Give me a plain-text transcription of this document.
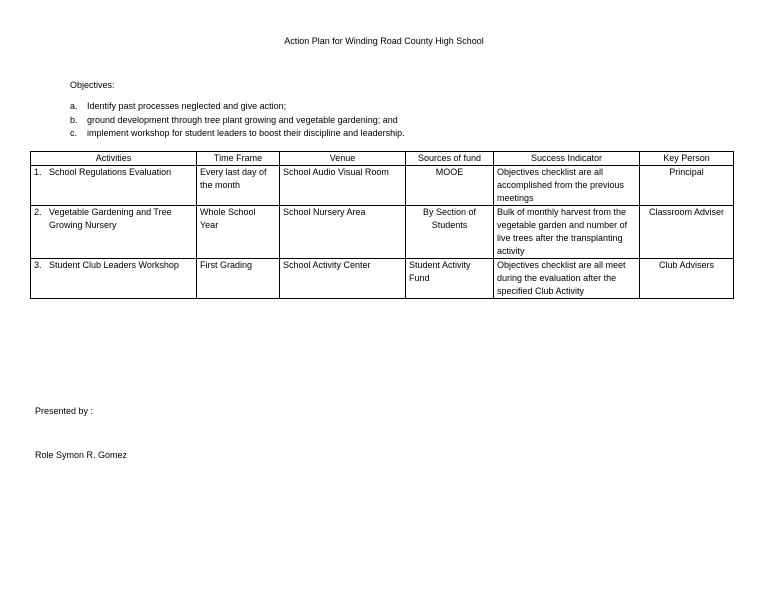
Action Plan for Winding Road County High School
Objectives:
a.	Identify past processes neglected and give action;
b.	ground development through tree plant growing and vegetable gardening; and
c.	implement workshop for student leaders to boost their discipline and leadership.
Activities	Time Frame	Venue	Sources of fund	Success Indicator	Key Person

1. School Regulations Evaluation	Every last day of the month	School Audio Visual Room	MOOE	Objectives checklist are all accomplished from the previous meetings	Principal

2. Vegetable Gardening and Tree Growing Nursery	Whole School Year	School Nursery Area	By Section of Students	Bulk of monthly harvest from the vegetable garden and number of live trees after the transplanting activity	Classroom Adviser

3. Student Club Leaders Workshop	First Grading	School Activity Center	Student Activity Fund	Objectives checklist are all meet during the evaluation after the specified Club Activity	Club Advisers
Presented by :
Role Symon R. Gomez
